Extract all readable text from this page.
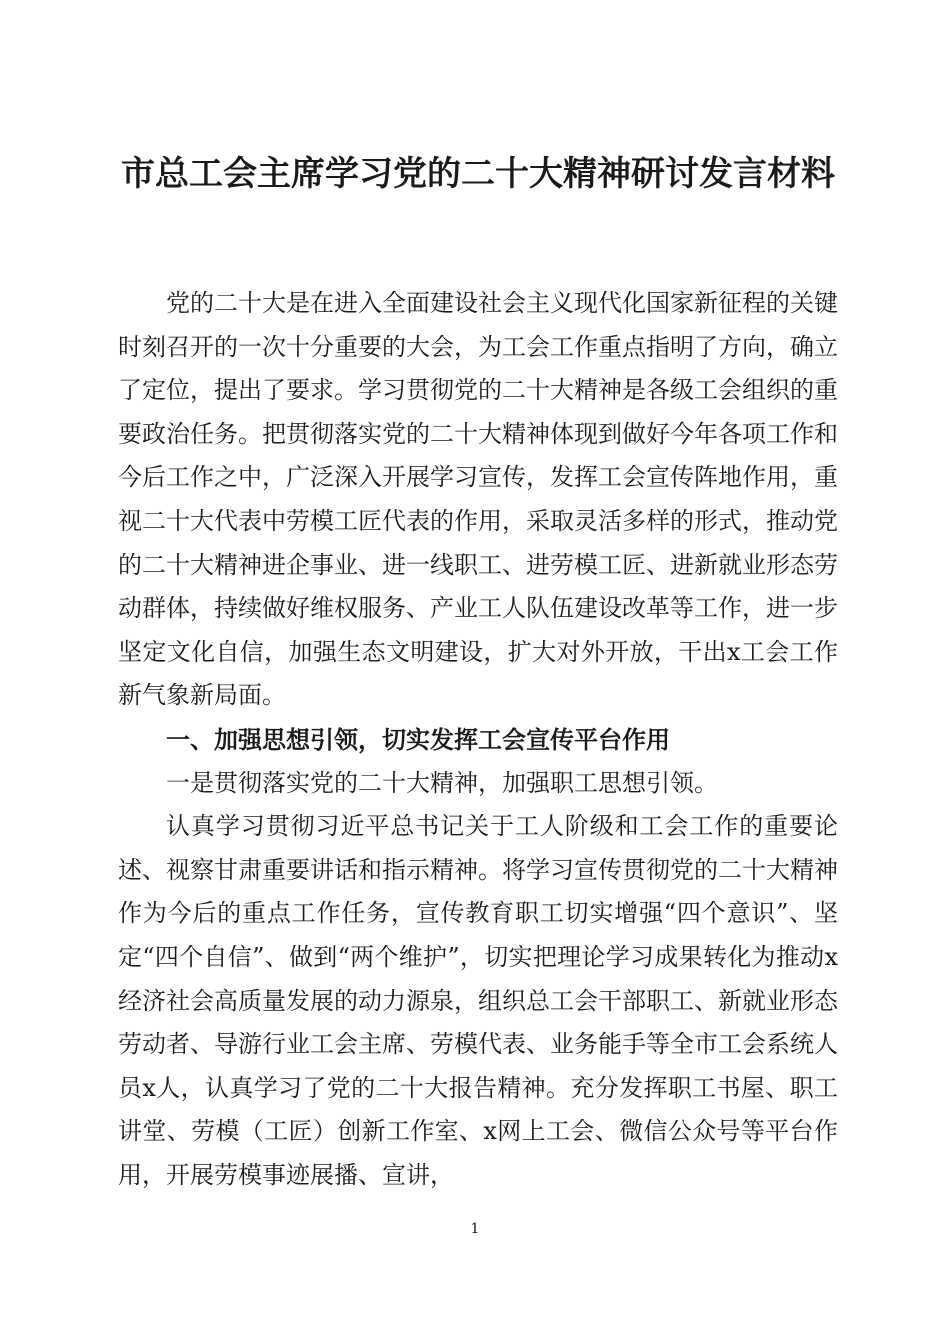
市总工会主席学习党的二十大精神研讨发言材料

党的二十大是在进入全面建设社会主义现代化国家新征程的关键时刻召开的一次十分重要的大会，为工会工作重点指明了方向，确立了定位，提出了要求。学习贯彻党的二十大精神是各级工会组织的重要政治任务。把贯彻落实党的二十大精神体现到做好今年各项工作和今后工作之中，广泛深入开展学习宣传，发挥工会宣传阵地作用，重视二十大代表中劳模工匠代表的作用，采取灵活多样的形式，推动党的二十大精神进企事业、进一线职工、进劳模工匠、进新就业形态劳动群体，持续做好维权服务、产业工人队伍建设改革等工作，进一步坚定文化自信，加强生态文明建设，扩大对外开放，干出x工会工作新气象新局面。

一、加强思想引领，切实发挥工会宣传平台作用

一是贯彻落实党的二十大精神，加强职工思想引领。

认真学习贯彻习近平总书记关于工人阶级和工会工作的重要论述、视察甘肃重要讲话和指示精神。将学习宣传贯彻党的二十大精神作为今后的重点工作任务，宣传教育职工切实增强“四个意识”、坚定“四个自信”、做到“两个维护”，切实把理论学习成果转化为推动x经济社会高质量发展的动力源泉，组织总工会干部职工、新就业形态劳动者、导游行业工会主席、劳模代表、业务能手等全市工会系统人员x人，认真学习了党的二十大报告精神。充分发挥职工书屋、职工讲堂、劳模（工匠）创新工作室、x网上工会、微信公众号等平台作用，开展劳模事迹展播、宣讲，

1
